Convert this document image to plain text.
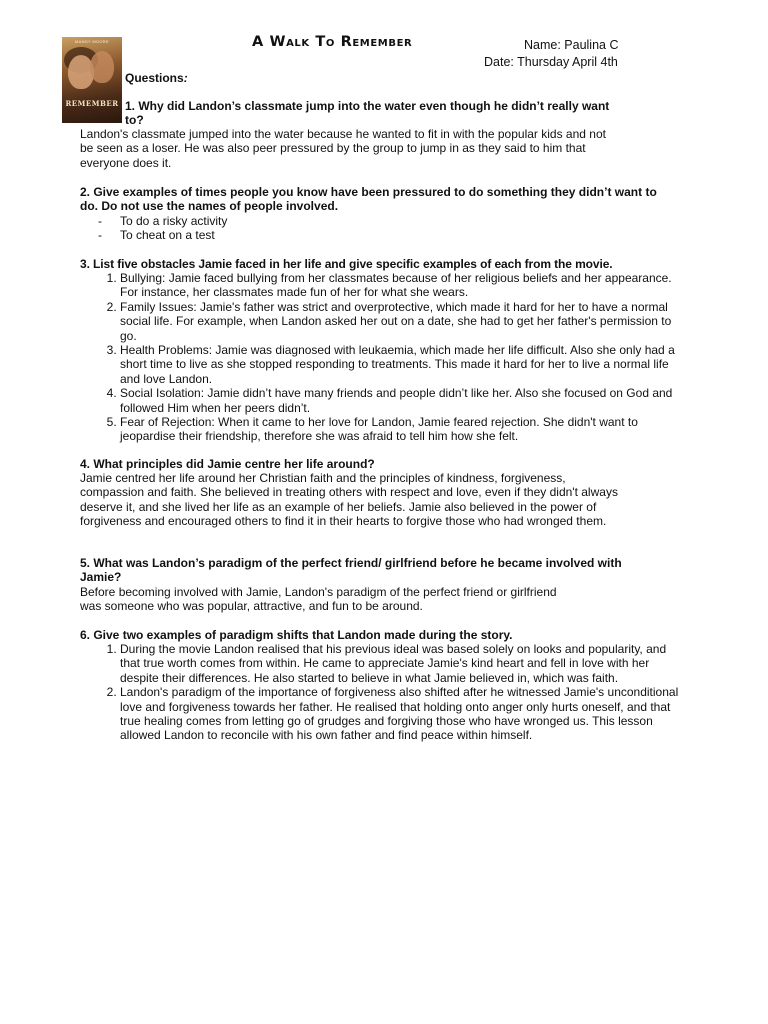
MANDY MOORE
REMEMBER
A Walk To Remember	Name: Paulina C
Date: Thursday April 4th
Questions:
1. Why did Landon’s classmate jump into the water even though he didn’t really want to?

Landon's classmate jumped into the water because he wanted to fit in with the popular kids and not be seen as a loser. He was also peer pressured by the group to jump in as they said to him that everyone does it.

2. Give examples of times people you know have been pressured to do something they didn’t want to do. Do not use the names of people involved.

- To do a risky activity
- To cheat on a test

3. List five obstacles Jamie faced in her life and give specific examples of each from the movie.

1. Bullying: Jamie faced bullying from her classmates because of her religious beliefs and her appearance. For instance, her classmates made fun of her for what she wears.
2. Family Issues: Jamie's father was strict and overprotective, which made it hard for her to have a normal social life. For example, when Landon asked her out on a date, she had to get her father's permission to go.
3. Health Problems: Jamie was diagnosed with leukaemia, which made her life difficult. Also she only had a short time to live as she stopped responding to treatments. This made it hard for her to live a normal life and love Landon.
4. Social Isolation: Jamie didn’t have many friends and people didn’t like her. Also she focused on God and followed Him when her peers didn’t.
5. Fear of Rejection: When it came to her love for Landon, Jamie feared rejection. She didn't want to jeopardise their friendship, therefore she was afraid to tell him how she felt.

4. What principles did Jamie centre her life around?

Jamie centred her life around her Christian faith and the principles of kindness, forgiveness, compassion and faith. She believed in treating others with respect and love, even if they didn't always deserve it, and she lived her life as an example of her beliefs. Jamie also believed in the power of forgiveness and encouraged others to find it in their hearts to forgive those who had wronged them.

5. What was Landon’s paradigm of the perfect friend/ girlfriend before he became involved with Jamie?

Before becoming involved with Jamie, Landon's paradigm of the perfect friend or girlfriend was someone who was popular, attractive, and fun to be around.

6. Give two examples of paradigm shifts that Landon made during the story.

1. During the movie Landon realised that his previous ideal was based solely on looks and popularity, and that true worth comes from within. He came to appreciate Jamie's kind heart and fell in love with her despite their differences. He also started to believe in what Jamie believed in, which was faith.
2. Landon's paradigm of the importance of forgiveness also shifted after he witnessed Jamie's unconditional love and forgiveness towards her father. He realised that holding onto anger only hurts oneself, and that true healing comes from letting go of grudges and forgiving those who have wronged us. This lesson allowed Landon to reconcile with his own father and find peace within himself.
